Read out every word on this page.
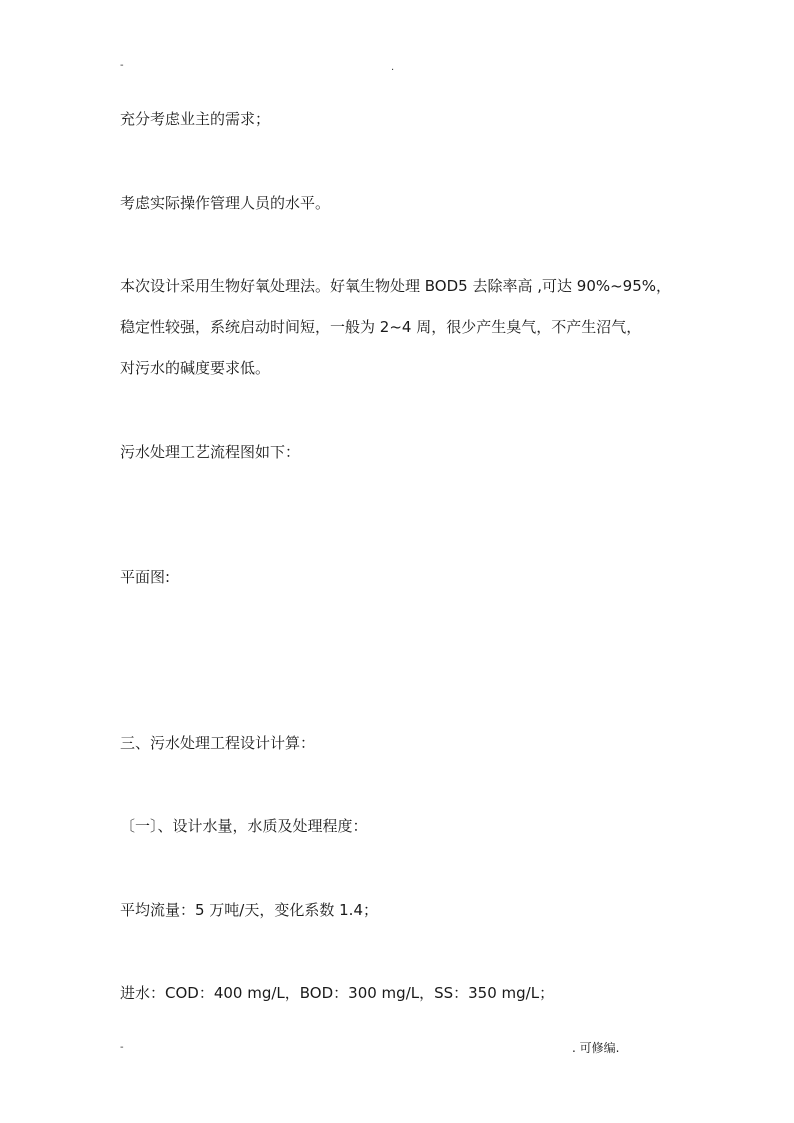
-	.
充分考虑业主的需求；
考虑实际操作管理人员的水平。
本次设计采用生物好氧处理法。好氧生物处理 BOD5 去除率高 ,可达 90%~95%，
稳定性较强，系统启动时间短，一般为 2~4 周，很少产生臭气，不产生沼气，
对污水的碱度要求低。
污水处理工艺流程图如下：
平面图:
三、污水处理工程设计计算：
〔一〕、设计水量，水质及处理程度：
平均流量：5 万吨/天，变化系数 1.4；
进水：COD：400 mg/L，BOD：300 mg/L，SS：350 mg/L；
-	. 可修编.
